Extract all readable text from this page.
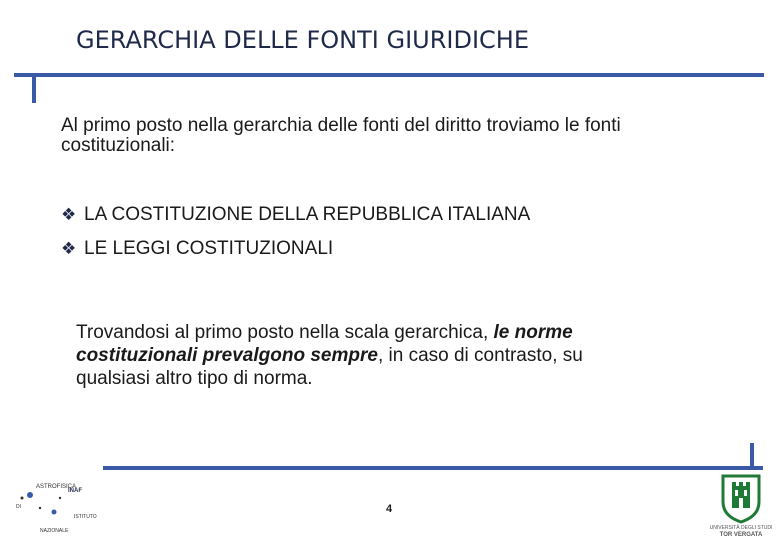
GERARCHIA DELLE FONTI GIURIDICHE
Al primo posto nella gerarchia delle fonti del diritto troviamo le fonti costituzionali:
❖ LA COSTITUZIONE DELLA REPUBBLICA ITALIANA
❖ LE LEGGI COSTITUZIONALI
Trovandosi al primo posto nella scala gerarchica, le norme costituzionali prevalgono sempre, in caso di contrasto, su qualsiasi altro tipo di norma.
4
ASTROFISICA
INAF
ISTITUTO
NAZIONALE
DI
UNIVERSITÀ DEGLI STUDI
TOR VERGATA
